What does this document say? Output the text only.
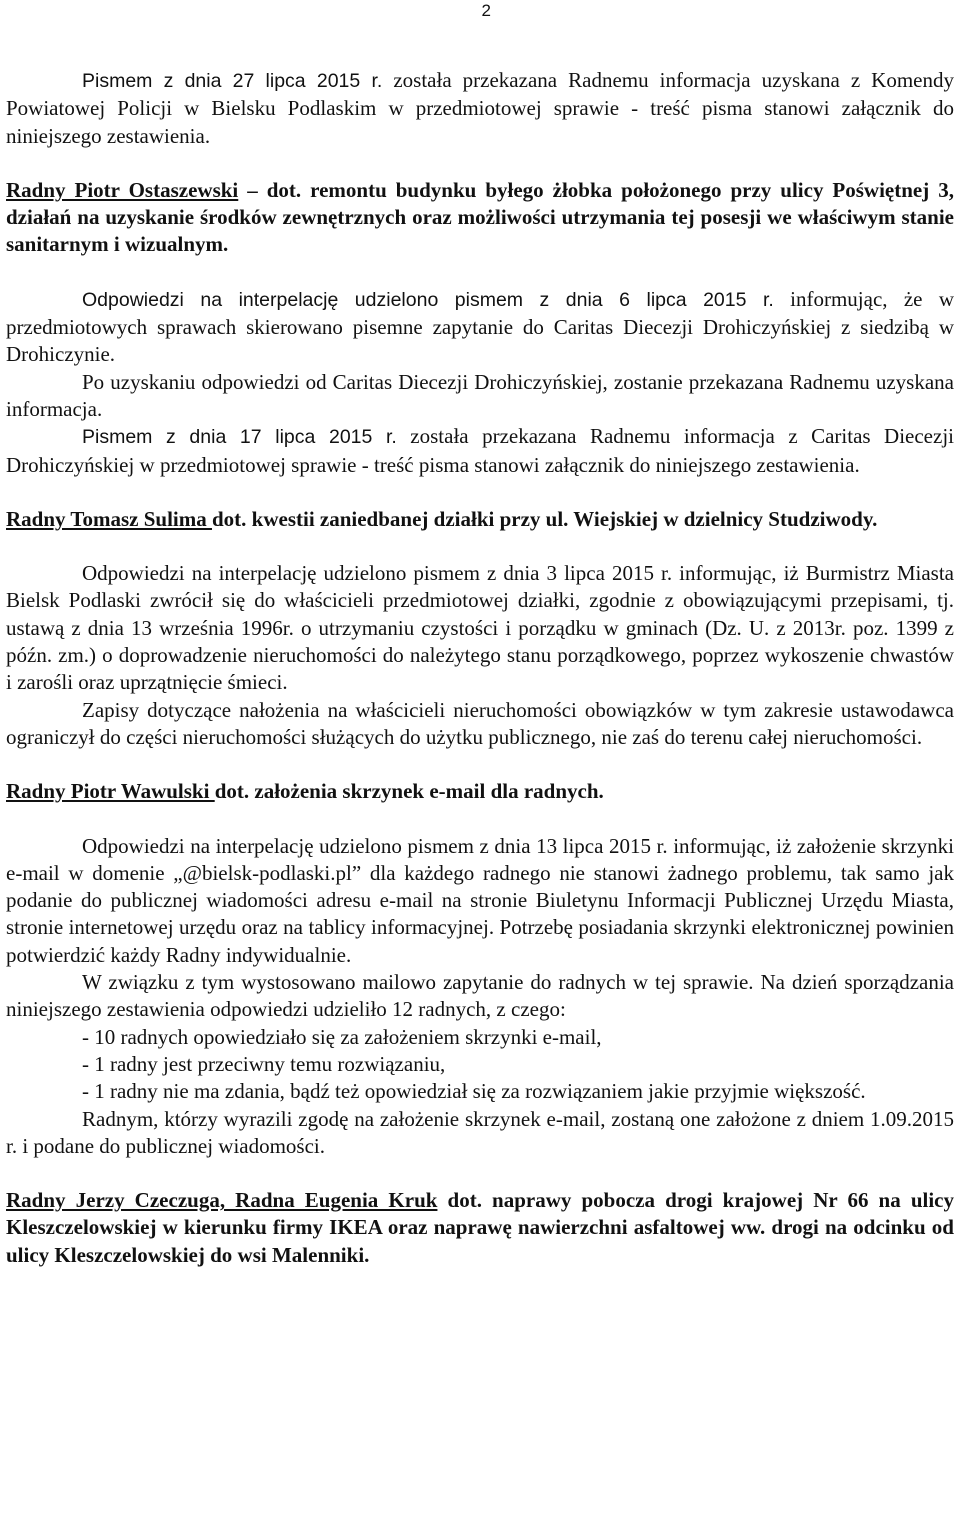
2

Pismem z dnia 27 lipca 2015 r. została przekazana Radnemu informacja uzyskana z Komendy Powiatowej Policji w Bielsku Podlaskim w przedmiotowej sprawie - treść pisma stanowi załącznik do niniejszego zestawienia.

Radny Piotr Ostaszewski – dot. remontu budynku byłego żłobka położonego przy ulicy Poświętnej 3, działań na uzyskanie środków zewnętrznych oraz możliwości utrzymania tej posesji we właściwym stanie sanitarnym i wizualnym.

Odpowiedzi na interpelację udzielono pismem z dnia 6 lipca 2015 r. informując, że w przedmiotowych sprawach skierowano pisemne zapytanie do Caritas Diecezji Drohiczyńskiej z siedzibą w Drohiczynie.

Po uzyskaniu odpowiedzi od Caritas Diecezji Drohiczyńskiej, zostanie przekazana Radnemu uzyskana informacja.

Pismem z dnia 17 lipca 2015 r. została przekazana Radnemu informacja z Caritas Diecezji Drohiczyńskiej w przedmiotowej sprawie - treść pisma stanowi załącznik do niniejszego zestawienia.

Radny Tomasz Sulima dot. kwestii zaniedbanej działki przy ul. Wiejskiej w dzielnicy Studziwody.

Odpowiedzi na interpelację udzielono pismem z dnia 3 lipca 2015 r. informując, iż Burmistrz Miasta Bielsk Podlaski zwrócił się do właścicieli przedmiotowej działki, zgodnie z obowiązującymi przepisami, tj. ustawą z dnia 13 września 1996r. o utrzymaniu czystości i porządku w gminach (Dz. U. z 2013r. poz. 1399 z późn. zm.) o doprowadzenie nieruchomości do należytego stanu porządkowego, poprzez wykoszenie chwastów i zarośli oraz uprzątnięcie śmieci.

Zapisy dotyczące nałożenia na właścicieli nieruchomości obowiązków w tym zakresie ustawodawca ograniczył do części nieruchomości służących do użytku publicznego, nie zaś do terenu całej nieruchomości.

Radny Piotr Wawulski dot. założenia skrzynek e-mail dla radnych.

Odpowiedzi na interpelację udzielono pismem z dnia 13 lipca 2015 r. informując, iż założenie skrzynki e-mail w domenie „@bielsk-podlaski.pl” dla każdego radnego nie stanowi żadnego problemu, tak samo jak podanie do publicznej wiadomości adresu e-mail na stronie Biuletynu Informacji Publicznej Urzędu Miasta, stronie internetowej urzędu oraz na tablicy informacyjnej. Potrzebę posiadania skrzynki elektronicznej powinien potwierdzić każdy Radny indywidualnie.

W związku z tym wystosowano mailowo zapytanie do radnych w tej sprawie. Na dzień sporządzania niniejszego zestawienia odpowiedzi udzieliło 12 radnych, z czego:

- 10 radnych opowiedziało się za założeniem skrzynki e-mail,

- 1 radny jest przeciwny temu rozwiązaniu,

- 1 radny nie ma zdania, bądź też opowiedział się za rozwiązaniem jakie przyjmie większość.

Radnym, którzy wyrazili zgodę na założenie skrzynek e-mail, zostaną one założone z dniem 1.09.2015 r. i podane do publicznej wiadomości.

Radny Jerzy Czeczuga, Radna Eugenia Kruk dot. naprawy pobocza drogi krajowej Nr 66 na ulicy Kleszczelowskiej w kierunku firmy IKEA oraz naprawę nawierzchni asfaltowej ww. drogi na odcinku od ulicy Kleszczelowskiej do wsi Malenniki.
